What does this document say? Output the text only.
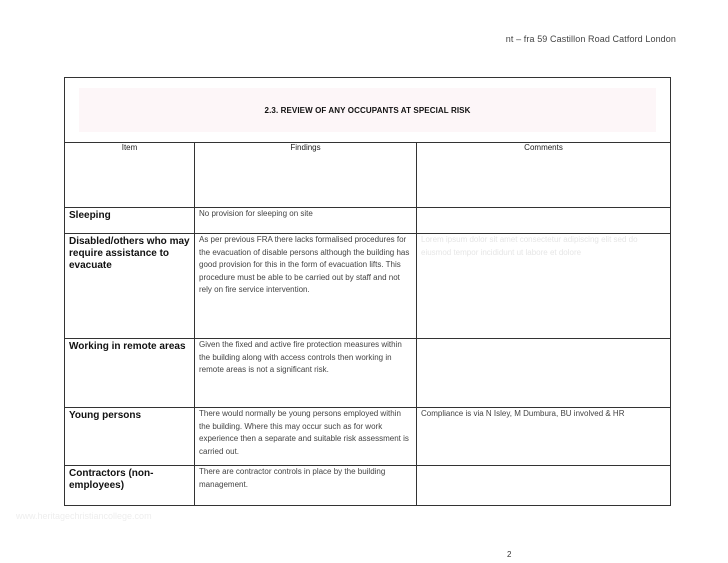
nt – fra 59 Castillon Road Catford London
2.3. REVIEW OF ANY OCCUPANTS AT SPECIAL RISK		

Item	Findings	Comments

Sleeping	No provision for sleeping on site	

Disabled/others who may require assistance to evacuate	As per previous FRA there lacks formalised procedures for the evacuation of disable persons although the building has good provision for this in the form of evacuation lifts. This procedure must be able to be carried out by staff and not rely on fire service intervention.	Lorem ipsum dolor sit amet consectetur adipiscing elit sed do eiusmod tempor incididunt ut labore et dolore

Working in remote areas	Given the fixed and active fire protection measures within the building along with access controls then working in remote areas is not a significant risk.	

Young persons	There would normally be young persons employed within the building. Where this may occur such as for work experience then a separate and suitable risk assessment is carried out.	Compliance is via N Isley, M Dumbura, BU involved & HR

Contractors (non-employees)	There are contractor controls in place by the building management.	

www.heritagechristiancollege.com
2
